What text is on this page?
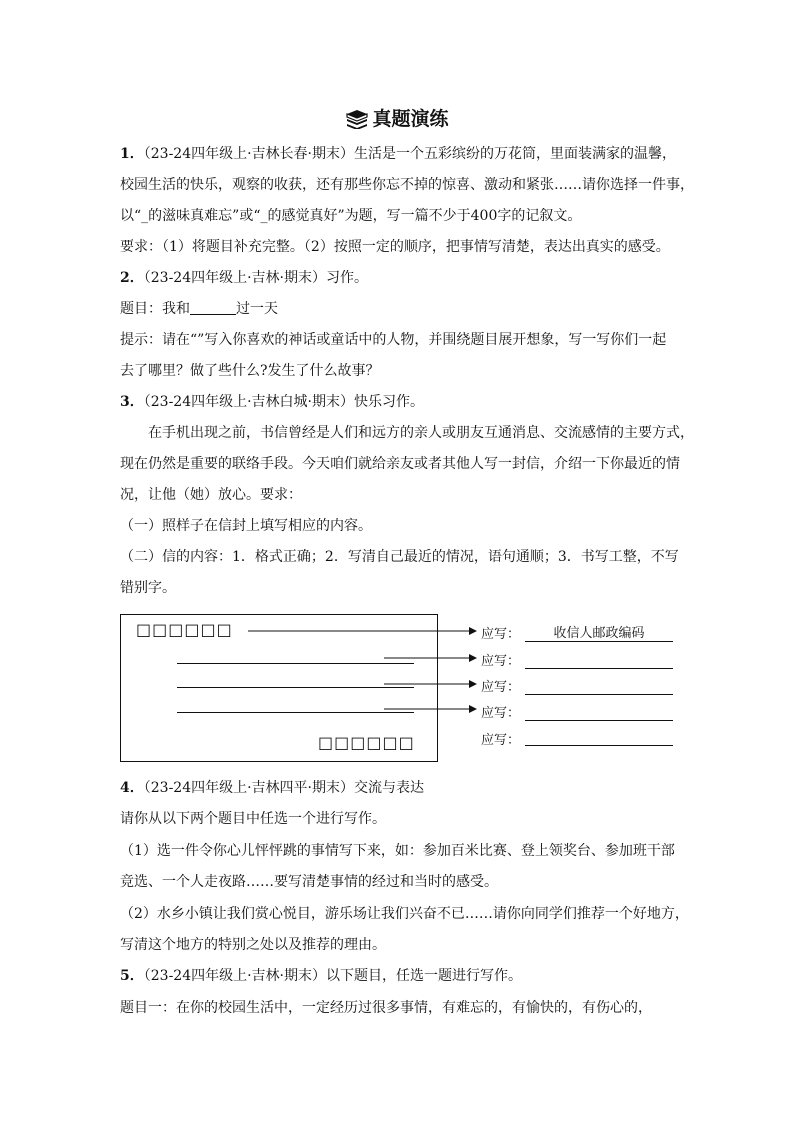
真题演练
1．（23-24四年级上·吉林长春·期末）生活是一个五彩缤纷的万花筒，里面装满家的温馨，
校园生活的快乐，观察的收获，还有那些你忘不掉的惊喜、激动和紧张……请你选择一件事，
以“_的滋味真难忘”或“_的感觉真好”为题，写一篇不少于400字的记叙文。
要求：（1）将题目补充完整。（2）按照一定的顺序，把事情写清楚，表达出真实的感受。
2．（23-24四年级上·吉林·期末）习作。
题目：我和	过一天
提示：请在“”写入你喜欢的神话或童话中的人物，并围绕题目展开想象，写一写你们一起
去了哪里？做了些什么?发生了什么故事？
3．（23-24四年级上·吉林白城·期末）快乐习作。
在手机出现之前，书信曾经是人们和远方的亲人或朋友互通消息、交流感情的主要方式，
现在仍然是重要的联络手段。今天咱们就给亲友或者其他人写一封信，介绍一下你最近的情
况，让他（她）放心。要求：
（一）照样子在信封上填写相应的内容。
（二）信的内容：1．格式正确；2．写清自己最近的情况，语句通顺；3．书写工整，不写
错别字。
□□□□□□
□□□□□□
应写：
应写：
应写：
应写：
应写：
收信人邮政编码
4．（23-24四年级上·吉林四平·期末）交流与表达
请你从以下两个题目中任选一个进行写作。
（1）选一件令你心儿怦怦跳的事情写下来，如：参加百米比赛、登上领奖台、参加班干部
竞选、一个人走夜路……要写清楚事情的经过和当时的感受。
（2）水乡小镇让我们赏心悦目，游乐场让我们兴奋不已……请你向同学们推荐一个好地方，
写清这个地方的特别之处以及推荐的理由。
5．（23-24四年级上·吉林·期末）以下题目，任选一题进行写作。
题目一：在你的校园生活中，一定经历过很多事情，有难忘的，有愉快的，有伤心的，
